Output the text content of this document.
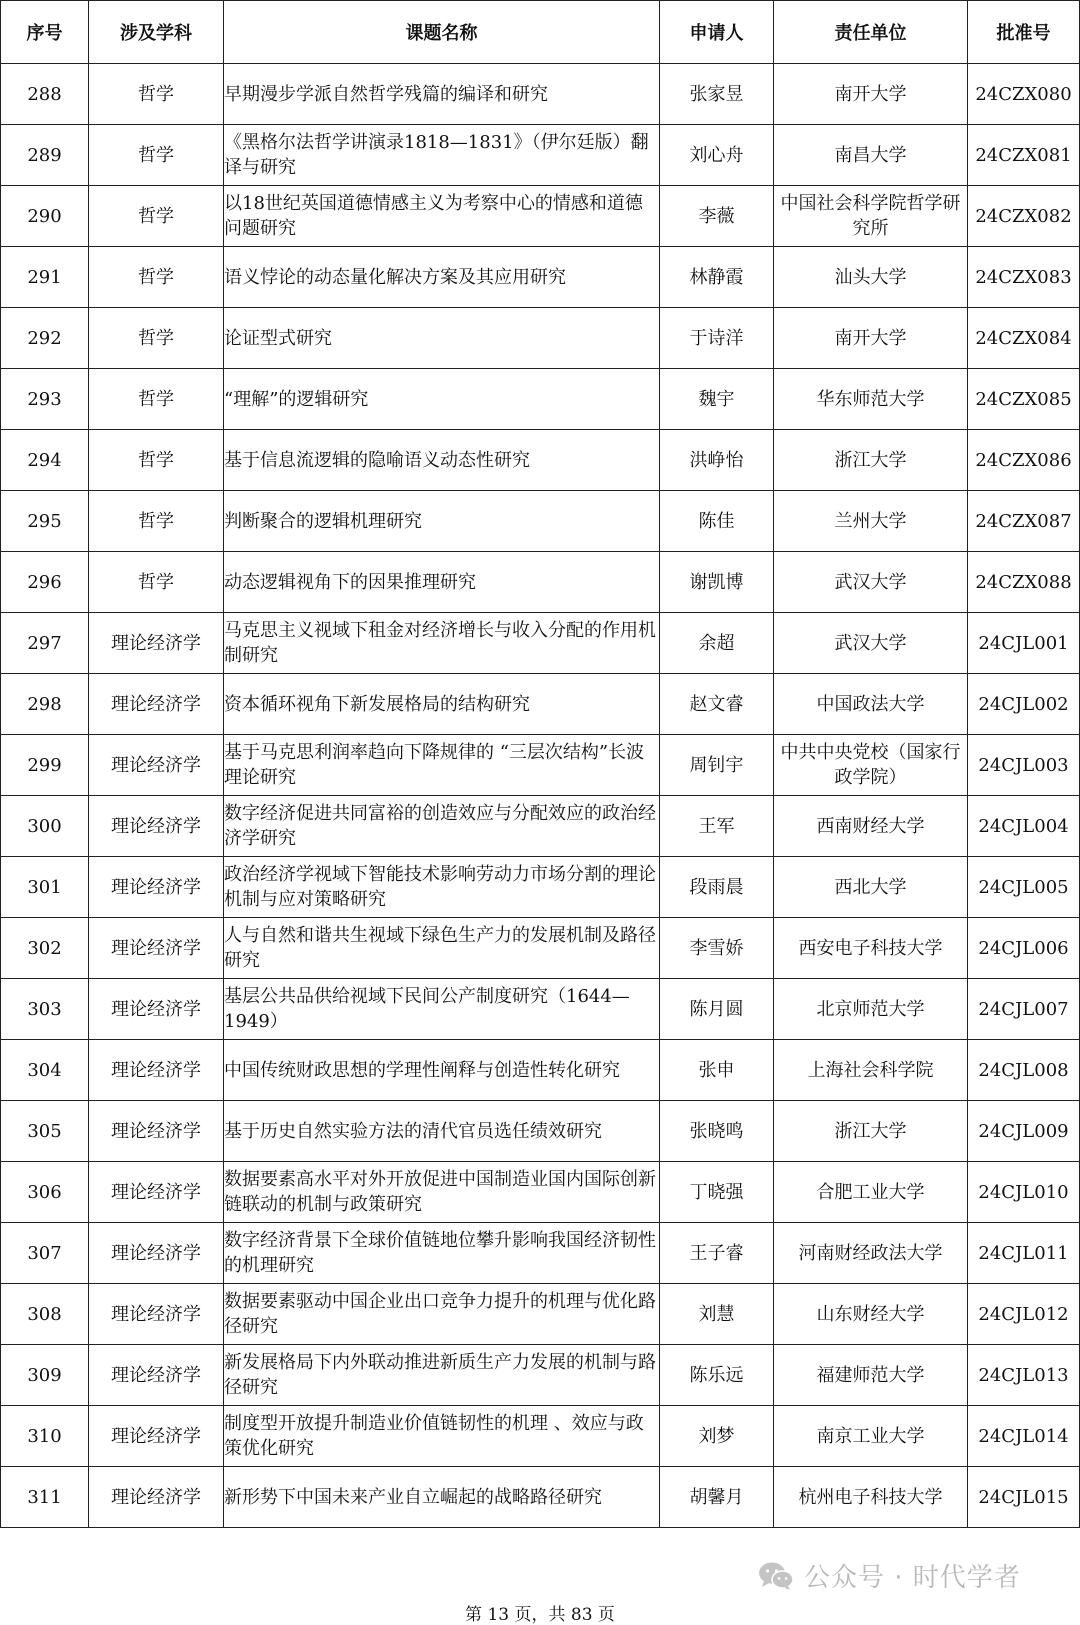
序号	涉及学科	课题名称	申请人	责任单位	批准号
288	哲学	早期漫步学派自然哲学残篇的编译和研究	张家昱	南开大学	24CZX080
289	哲学	《黑格尔法哲学讲演录1818—1831》（伊尔廷版）翻译与研究	刘心舟	南昌大学	24CZX081
290	哲学	以18世纪英国道德情感主义为考察中心的情感和道德问题研究	李薇	中国社会科学院哲学研究所	24CZX082
291	哲学	语义悖论的动态量化解决方案及其应用研究	林静霞	汕头大学	24CZX083
292	哲学	论证型式研究	于诗洋	南开大学	24CZX084
293	哲学	“理解”的逻辑研究	魏宇	华东师范大学	24CZX085
294	哲学	基于信息流逻辑的隐喻语义动态性研究	洪峥怡	浙江大学	24CZX086
295	哲学	判断聚合的逻辑机理研究	陈佳	兰州大学	24CZX087
296	哲学	动态逻辑视角下的因果推理研究	谢凯博	武汉大学	24CZX088
297	理论经济学	马克思主义视域下租金对经济增长与收入分配的作用机制研究	余超	武汉大学	24CJL001
298	理论经济学	资本循环视角下新发展格局的结构研究	赵文睿	中国政法大学	24CJL002
299	理论经济学	基于马克思利润率趋向下降规律的 “三层次结构”长波理论研究	周钊宇	中共中央党校（国家行政学院）	24CJL003
300	理论经济学	数字经济促进共同富裕的创造效应与分配效应的政治经济学研究	王军	西南财经大学	24CJL004
301	理论经济学	政治经济学视域下智能技术影响劳动力市场分割的理论机制与应对策略研究	段雨晨	西北大学	24CJL005
302	理论经济学	人与自然和谐共生视域下绿色生产力的发展机制及路径研究	李雪娇	西安电子科技大学	24CJL006
303	理论经济学	基层公共品供给视域下民间公产制度研究（1644—1949）	陈月圆	北京师范大学	24CJL007
304	理论经济学	中国传统财政思想的学理性阐释与创造性转化研究	张申	上海社会科学院	24CJL008
305	理论经济学	基于历史自然实验方法的清代官员选任绩效研究	张晓鸣	浙江大学	24CJL009
306	理论经济学	数据要素高水平对外开放促进中国制造业国内国际创新链联动的机制与政策研究	丁晓强	合肥工业大学	24CJL010
307	理论经济学	数字经济背景下全球价值链地位攀升影响我国经济韧性的机理研究	王子睿	河南财经政法大学	24CJL011
308	理论经济学	数据要素驱动中国企业出口竞争力提升的机理与优化路径研究	刘慧	山东财经大学	24CJL012
309	理论经济学	新发展格局下内外联动推进新质生产力发展的机制与路径研究	陈乐远	福建师范大学	24CJL013
310	理论经济学	制度型开放提升制造业价值链韧性的机理 、效应与政策优化研究	刘梦	南京工业大学	24CJL014
311	理论经济学	新形势下中国未来产业自立崛起的战略路径研究	胡馨月	杭州电子科技大学	24CJL015
公众号 · 时代学者
第 13 页，共 83 页
